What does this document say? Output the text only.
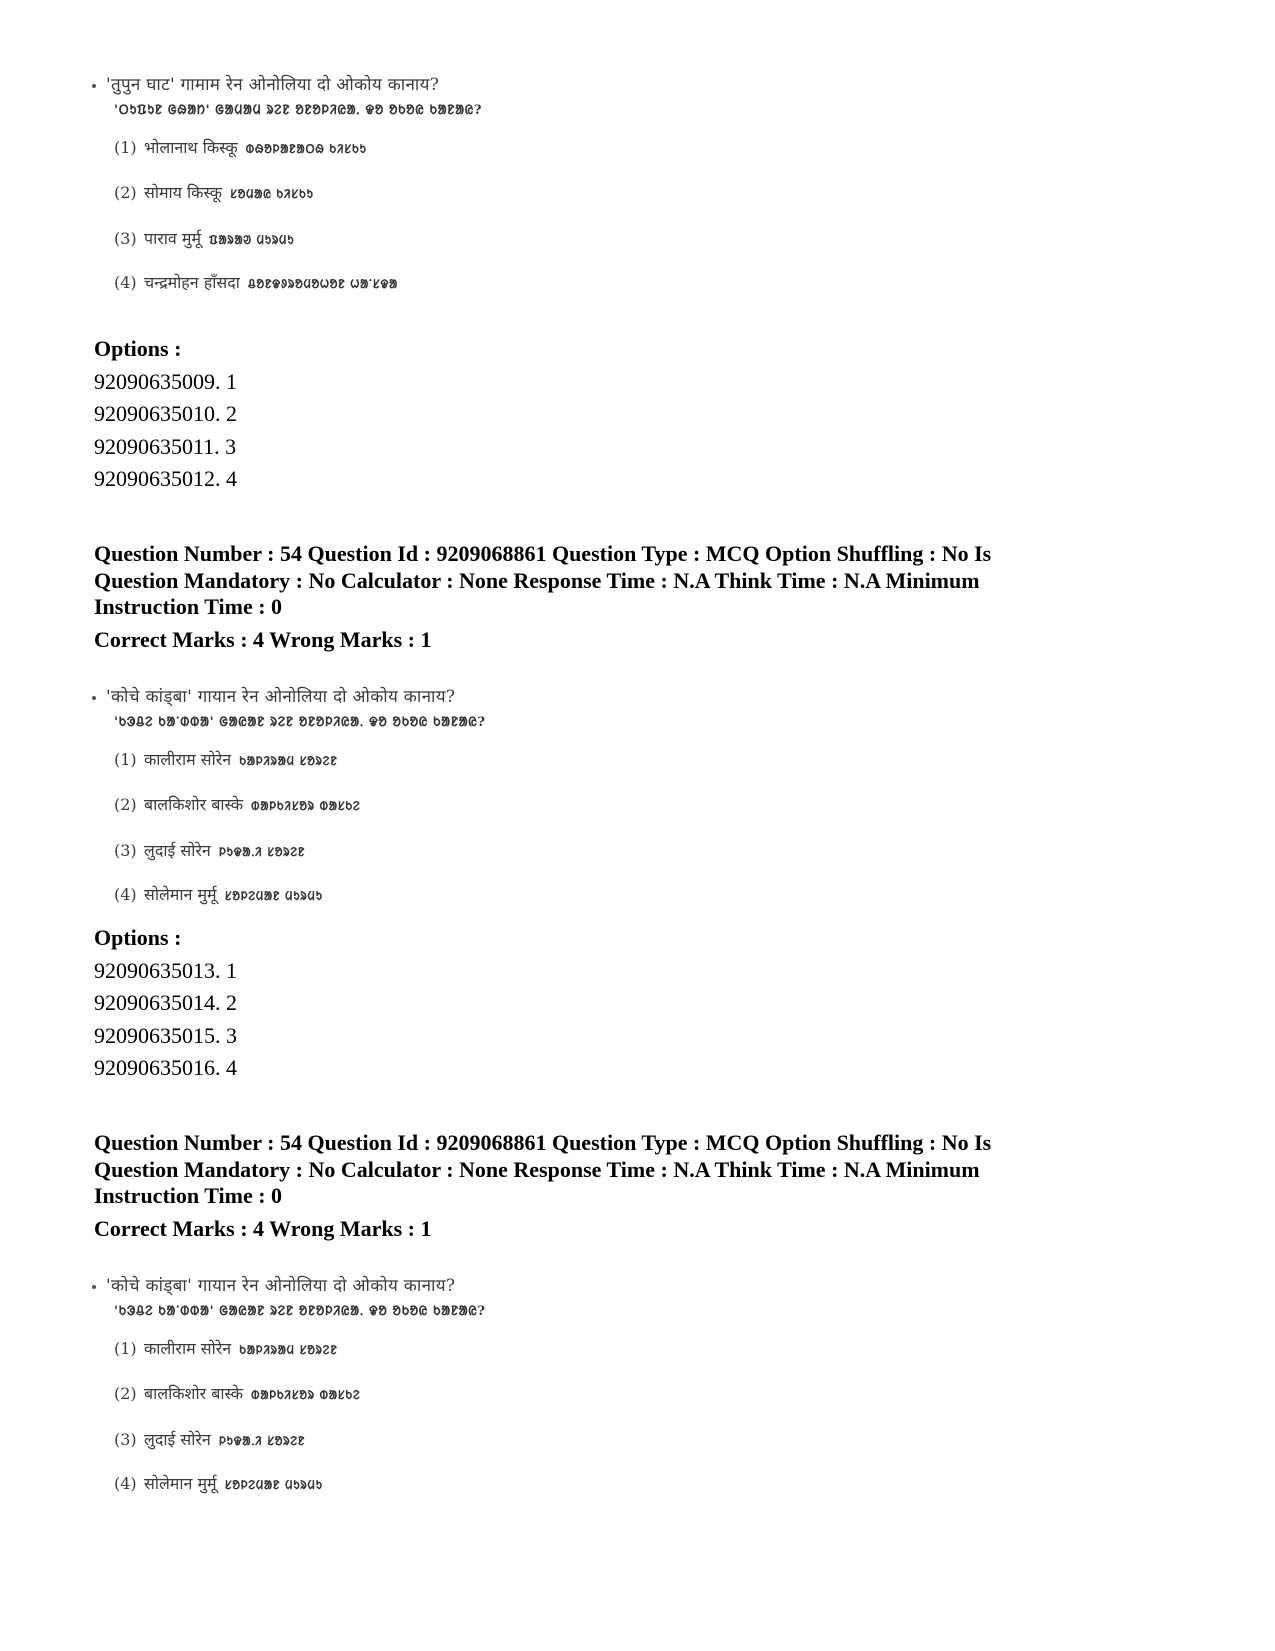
'तुपुन घाट' गामाम रेन ओनोलिया दो ओकोय कानाय?
'ᱛᱩᱯᱩᱱ ᱜᱷᱟᱴ' ᱜᱟᱢᱟᱢ ᱨᱮᱱ ᱚᱱᱚᱞᱤᱭᱟᱹ ᱫᱚ ᱚᱠᱚᱭ ᱠᱟᱱᱟᱭ?
(1) भोलानाथ किस्कू ᱵᱷᱚᱞᱟᱱᱟᱛᱷ ᱠᱤᱥᱠᱩ
(2) सोमाय किस्कू ᱥᱚᱢᱟᱭ ᱠᱤᱥᱠᱩ
(3) पाराव मुर्मू ᱯᱟᱨᱟᱣ ᱢᱩᱨᱢᱩ
(4) चन्द्रमोहन हाँसदा ᱪᱚᱱᱫᱽᱨᱚᱢᱚᱦᱚᱱ ᱦᱟᱸᱥᱫᱟ
Options :
92090635009. 1
92090635010. 2
92090635011. 3
92090635012. 4
Question Number : 54 Question Id : 9209068861 Question Type : MCQ Option Shuffling : No Is
Question Mandatory : No Calculator : None Response Time : N.A Think Time : N.A Minimum
Instruction Time : 0
Correct Marks : 4 Wrong Marks : 1
'कोचे कांड्बा' गायान रेन ओनोलिया दो ओकोय कानाय?
'ᱠᱳᱪᱮ ᱠᱟᱸᱰᱵᱟ' ᱜᱟᱭᱟᱱ ᱨᱮᱱ ᱚᱱᱚᱞᱤᱭᱟᱹ ᱫᱚ ᱚᱠᱚᱭ ᱠᱟᱱᱟᱭ?
(1) कालीराम सोरेन ᱠᱟᱞᱤᱨᱟᱢ ᱥᱚᱨᱮᱱ
(2) बालकिशोर बास्के ᱵᱟᱞᱠᱤᱥᱚᱨ ᱵᱟᱥᱠᱮ
(3) लुदाई सोरेन ᱞᱩᱫᱟᱹᱤ ᱥᱚᱨᱮᱱ
(4) सोलेमान मुर्मू ᱥᱚᱞᱮᱢᱟᱱ ᱢᱩᱨᱢᱩ
Options :
92090635013. 1
92090635014. 2
92090635015. 3
92090635016. 4
Question Number : 54 Question Id : 9209068861 Question Type : MCQ Option Shuffling : No Is
Question Mandatory : No Calculator : None Response Time : N.A Think Time : N.A Minimum
Instruction Time : 0
Correct Marks : 4 Wrong Marks : 1
'कोचे कांड्बा' गायान रेन ओनोलिया दो ओकोय कानाय?
'ᱠᱳᱪᱮ ᱠᱟᱸᱰᱵᱟ' ᱜᱟᱭᱟᱱ ᱨᱮᱱ ᱚᱱᱚᱞᱤᱭᱟᱹ ᱫᱚ ᱚᱠᱚᱭ ᱠᱟᱱᱟᱭ?
(1) कालीराम सोरेन ᱠᱟᱞᱤᱨᱟᱢ ᱥᱚᱨᱮᱱ
(2) बालकिशोर बास्के ᱵᱟᱞᱠᱤᱥᱚᱨ ᱵᱟᱥᱠᱮ
(3) लुदाई सोरेन ᱞᱩᱫᱟᱹᱤ ᱥᱚᱨᱮᱱ
(4) सोलेमान मुर्मू ᱥᱚᱞᱮᱢᱟᱱ ᱢᱩᱨᱢᱩ
